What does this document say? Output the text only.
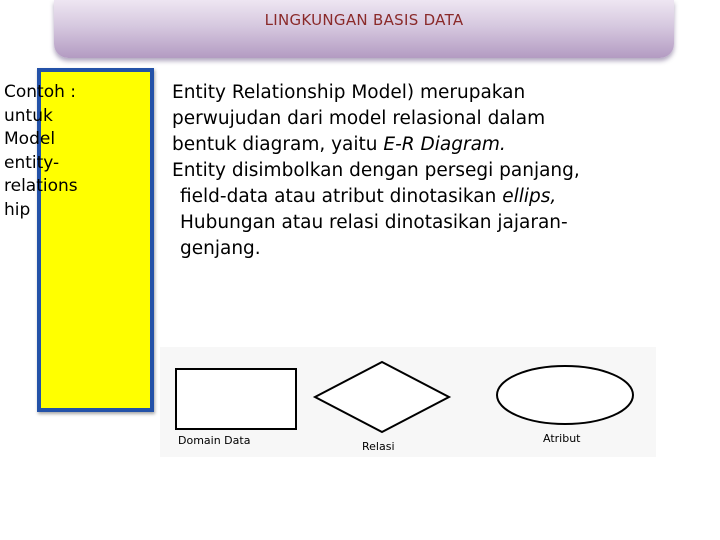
LINGKUNGAN BASIS DATA
Contoh :
untuk
Model
entity-
relations
hip
Entity Relationship Model) merupakan
perwujudan dari model relasional dalam
bentuk diagram, yaitu E-R Diagram.
Entity disimbolkan dengan persegi panjang,
field-data atau atribut dinotasikan ellips,
Hubungan atau relasi dinotasikan jajaran-
genjang.
Domain Data	Relasi
Atribut
